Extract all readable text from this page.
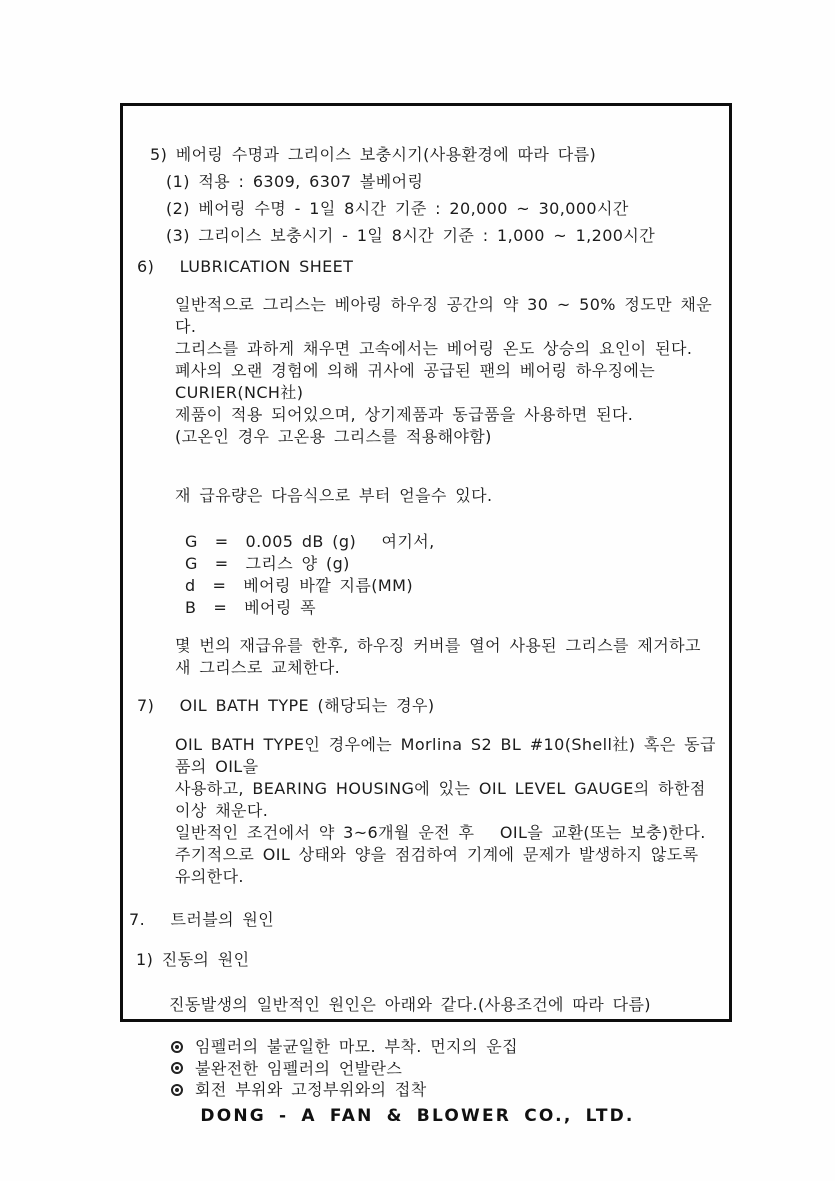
5) 베어링 수명과 그리이스 보충시기(사용환경에 따라 다름)
(1) 적용 : 6309, 6307 볼베어링
(2) 베어링 수명 - 1일 8시간 기준 : 20,000 ~ 30,000시간
(3) 그리이스 보충시기 - 1일 8시간 기준 : 1,000 ~ 1,200시간
6)   LUBRICATION SHEET
일반적으로 그리스는 베아링 하우징 공간의 약 30 ~ 50% 정도만 채운다.
그리스를 과하게 채우면 고속에서는 베어링 온도 상승의 요인이 된다.
폐사의 오랜 경험에 의해 귀사에 공급된 팬의 베어링 하우징에는 CURIER(NCH社)
제품이 적용 되어있으며, 상기제품과 동급품을 사용하면 된다.
(고온인 경우 고온용 그리스를 적용해야함)
재 급유량은 다음식으로 부터 얻을수 있다.
G  =  0.005 dB (g)   여기서,
G  =  그리스 양 (g)
d  =  베어링 바깥 지름(MM)
B  =  베어링 폭
몇 번의 재급유를 한후, 하우징 커버를 열어 사용된 그리스를 제거하고
새 그리스로 교체한다.
7)   OIL BATH TYPE (해당되는 경우)
OIL BATH TYPE인 경우에는 Morlina S2 BL #10(Shell社) 혹은 동급품의 OIL을
사용하고, BEARING HOUSING에 있는 OIL LEVEL GAUGE의 하한점 이상 채운다.
일반적인 조건에서 약 3~6개월 운전 후   OIL을 교환(또는 보충)한다.
주기적으로 OIL 상태와 양을 점검하여 기계에 문제가 발생하지 않도록
유의한다.
7.   트러블의 원인
1) 진동의 원인
진동발생의 일반적인 원인은 아래와 같다.(사용조건에 따라 다름)
임펠러의 불균일한 마모. 부착. 먼지의 운집
불완전한 임펠러의 언발란스
회전 부위와 고정부위와의 접착
DONG - A FAN & BLOWER CO., LTD.
